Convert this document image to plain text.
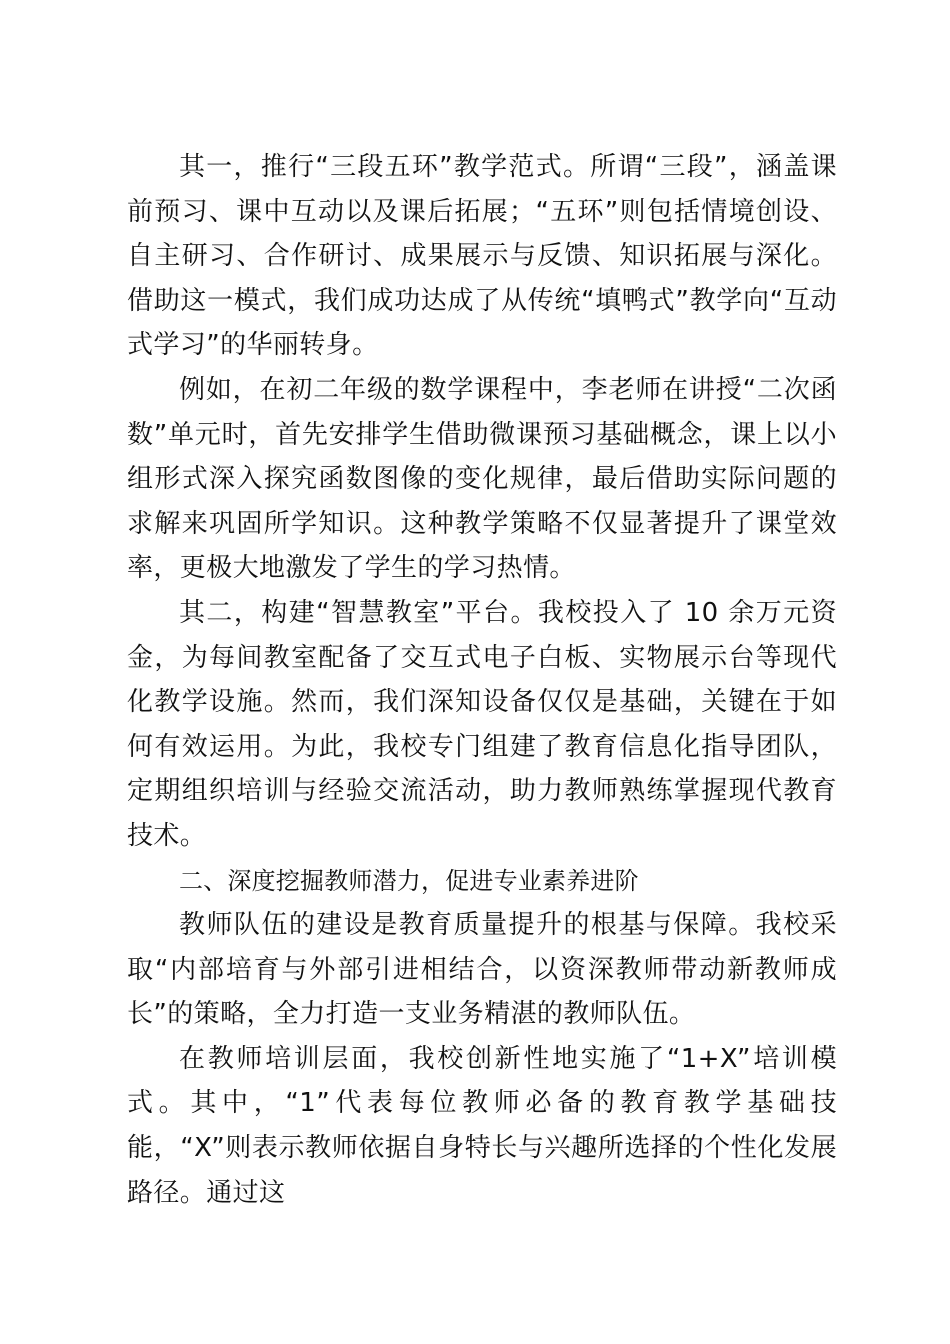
其一，推行“三段五环”教学范式。所谓“三段”，涵盖课前预习、课中互动以及课后拓展；“五环”则包括情境创设、自主研习、合作研讨、成果展示与反馈、知识拓展与深化。借助这一模式，我们成功达成了从传统“填鸭式”教学向“互动式学习”的华丽转身。

例如，在初二年级的数学课程中，李老师在讲授“二次函数”单元时，首先安排学生借助微课预习基础概念，课上以小组形式深入探究函数图像的变化规律，最后借助实际问题的求解来巩固所学知识。这种教学策略不仅显著提升了课堂效率，更极大地激发了学生的学习热情。

其二，构建“智慧教室”平台。我校投入了 10 余万元资金，为每间教室配备了交互式电子白板、实物展示台等现代化教学设施。然而，我们深知设备仅仅是基础，关键在于如何有效运用。为此，我校专门组建了教育信息化指导团队，定期组织培训与经验交流活动，助力教师熟练掌握现代教育技术。

二、深度挖掘教师潜力，促进专业素养进阶

教师队伍的建设是教育质量提升的根基与保障。我校采取“内部培育与外部引进相结合，以资深教师带动新教师成长”的策略，全力打造一支业务精湛的教师队伍。

在教师培训层面，我校创新性地实施了“1+X”培训模式。其中，“1”代表每位教师必备的教育教学基础技能，“X”则表示教师依据自身特长与兴趣所选择的个性化发展路径。通过这
